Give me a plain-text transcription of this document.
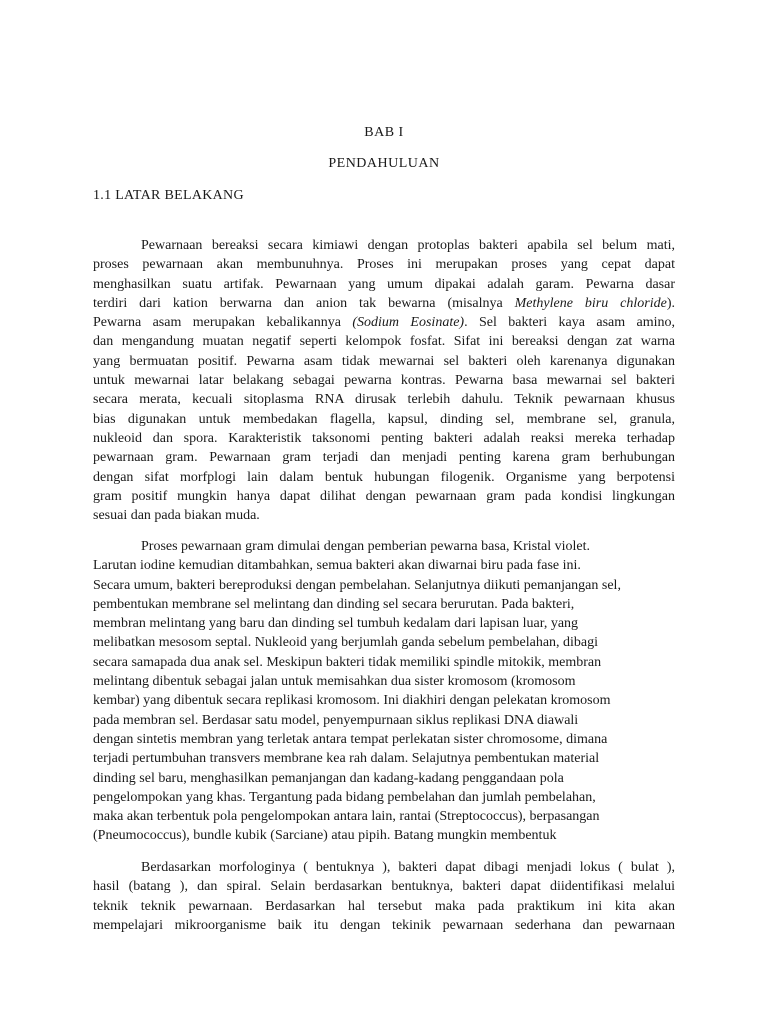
BAB I
PENDAHULUAN
1.1 LATAR BELAKANG
Pewarnaan bereaksi secara kimiawi dengan protoplas bakteri apabila sel belum mati,
proses pewarnaan akan membunuhnya. Proses ini merupakan proses yang cepat dapat
menghasilkan suatu artifak. Pewarnaan yang umum dipakai adalah garam. Pewarna dasar
terdiri dari kation berwarna dan anion tak bewarna (misalnya Methylene biru chloride).
Pewarna asam merupakan kebalikannya (Sodium Eosinate). Sel bakteri kaya asam amino,
dan mengandung muatan negatif seperti kelompok fosfat. Sifat ini bereaksi dengan zat warna
yang bermuatan positif. Pewarna asam tidak mewarnai sel bakteri oleh karenanya digunakan
untuk mewarnai latar belakang sebagai pewarna kontras. Pewarna basa mewarnai sel bakteri
secara merata, kecuali sitoplasma RNA dirusak terlebih dahulu. Teknik pewarnaan khusus
bias digunakan untuk membedakan flagella, kapsul, dinding sel, membrane sel, granula,
nukleoid dan spora. Karakteristik taksonomi penting bakteri adalah reaksi mereka terhadap
pewarnaan gram. Pewarnaan gram terjadi dan menjadi penting karena gram berhubungan
dengan sifat morfplogi lain dalam bentuk hubungan filogenik. Organisme yang berpotensi
gram positif mungkin hanya dapat dilihat dengan pewarnaan gram pada kondisi lingkungan
sesuai dan pada biakan muda.
Proses pewarnaan gram dimulai dengan pemberian pewarna basa, Kristal violet.
Larutan iodine kemudian ditambahkan, semua bakteri akan diwarnai biru pada fase ini.
Secara umum, bakteri bereproduksi dengan pembelahan. Selanjutnya diikuti pemanjangan sel,
pembentukan membrane sel melintang dan dinding sel secara berurutan. Pada bakteri,
membran melintang yang baru dan dinding sel tumbuh kedalam dari lapisan luar, yang
melibatkan mesosom septal. Nukleoid yang berjumlah ganda sebelum pembelahan, dibagi
secara samapada dua anak sel. Meskipun bakteri tidak memiliki spindle mitokik, membran
melintang dibentuk sebagai jalan untuk memisahkan dua sister kromosom (kromosom
kembar) yang dibentuk secara replikasi kromosom. Ini diakhiri dengan pelekatan kromosom
pada membran sel. Berdasar satu model, penyempurnaan siklus replikasi DNA diawali
dengan sintetis membran yang terletak antara tempat perlekatan sister chromosome, dimana
terjadi pertumbuhan transvers membrane kea rah dalam. Selajutnya pembentukan material
dinding sel baru, menghasilkan pemanjangan dan kadang-kadang penggandaan pola
pengelompokan yang khas. Tergantung pada bidang pembelahan dan jumlah pembelahan,
maka akan terbentuk pola pengelompokan antara lain, rantai (Streptococcus), berpasangan
(Pneumococcus), bundle kubik (Sarciane) atau pipih. Batang mungkin membentuk
Berdasarkan morfologinya ( bentuknya ), bakteri dapat dibagi menjadi lokus ( bulat ),
hasil (batang ), dan spiral. Selain berdasarkan bentuknya, bakteri dapat diidentifikasi melalui
teknik teknik pewarnaan. Berdasarkan hal tersebut maka pada praktikum ini kita akan
mempelajari mikroorganisme baik itu dengan tekinik pewarnaan sederhana dan pewarnaan
